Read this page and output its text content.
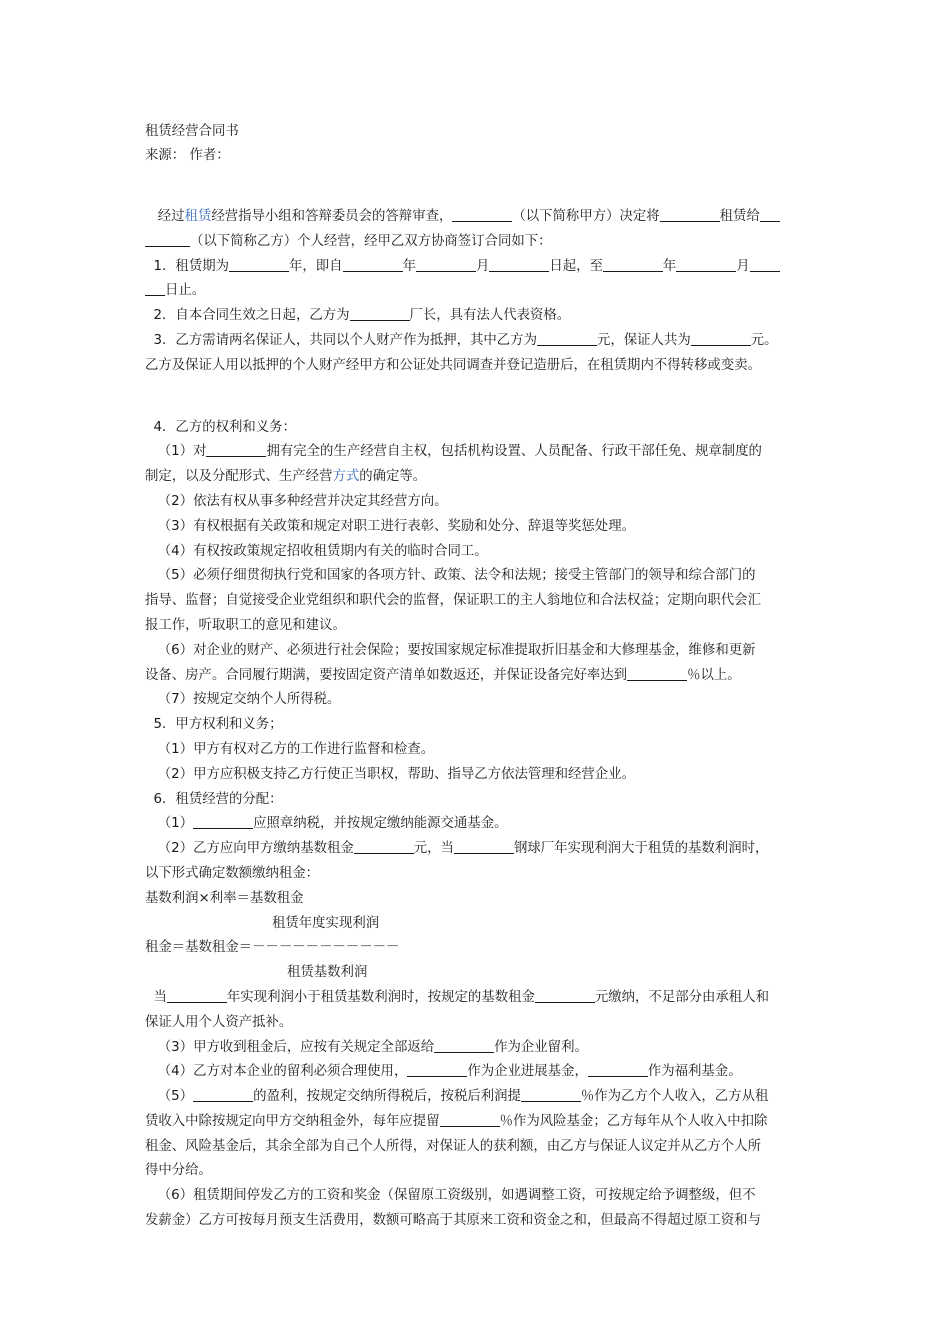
租赁经营合同书

来源： 作者：

经过租赁经营指导小组和答辩委员会的答辩审查，	（以下简称甲方）决定将	租赁给

（以下简称乙方）个人经营，经甲乙双方协商签订合同如下：

1．租赁期为	年，即自	年	月	日起，至	年	月

日止。

2．自本合同生效之日起，乙方为	厂长，具有法人代表资格。

3．乙方需请两名保证人，共同以个人财产作为抵押，其中乙方为	元，保证人共为	元。

乙方及保证人用以抵押的个人财产经甲方和公证处共同调查并登记造册后，在租赁期内不得转移或变卖。

4．乙方的权利和义务：

（1）对	拥有完全的生产经营自主权，包括机构设置、人员配备、行政干部任免、规章制度的

制定，以及分配形式、生产经营方式的确定等。

（2）依法有权从事多种经营并决定其经营方向。

（3）有权根据有关政策和规定对职工进行表彰、奖励和处分、辞退等奖惩处理。

（4）有权按政策规定招收租赁期内有关的临时合同工。

（5）必须仔细贯彻执行党和国家的各项方针、政策、法令和法规；接受主管部门的领导和综合部门的

指导、监督；自觉接受企业党组织和职代会的监督，保证职工的主人翁地位和合法权益；定期向职代会汇

报工作，听取职工的意见和建议。

（6）对企业的财产、必须进行社会保险；要按国家规定标准提取折旧基金和大修理基金，维修和更新

设备、房产。合同履行期满，要按固定资产清单如数返还，并保证设备完好率达到	％以上。

（7）按规定交纳个人所得税。

5．甲方权利和义务；

（1）甲方有权对乙方的工作进行监督和检查。

（2）甲方应积极支持乙方行使正当职权，帮助、指导乙方依法管理和经营企业。

6．租赁经营的分配：

（1）	应照章纳税，并按规定缴纳能源交通基金。

（2）乙方应向甲方缴纳基数租金	元，当	钢球厂年实现利润大于租赁的基数利润时，

以下形式确定数额缴纳租金：

基数利润×利率＝基数租金

租赁年度实现利润

租金＝基数租金＝－－－－－－－－－－－

租赁基数利润

当	年实现利润小于租赁基数利润时，按规定的基数租金	元缴纳，不足部分由承租人和

保证人用个人资产抵补。

（3）甲方收到租金后，应按有关规定全部返给	作为企业留利。

（4）乙方对本企业的留利必须合理使用，	作为企业进展基金，	作为福利基金。

（5）	的盈利，按规定交纳所得税后，按税后利润提	％作为乙方个人收入，乙方从租

赁收入中除按规定向甲方交纳租金外，每年应提留	％作为风险基金；乙方每年从个人收入中扣除

租金、风险基金后，其余全部为自己个人所得，对保证人的获利额，由乙方与保证人议定并从乙方个人所

得中分给。

（6）租赁期间停发乙方的工资和奖金（保留原工资级别，如遇调整工资，可按规定给予调整级，但不

发薪金）乙方可按每月预支生活费用，数额可略高于其原来工资和资金之和，但最高不得超过原工资和与
